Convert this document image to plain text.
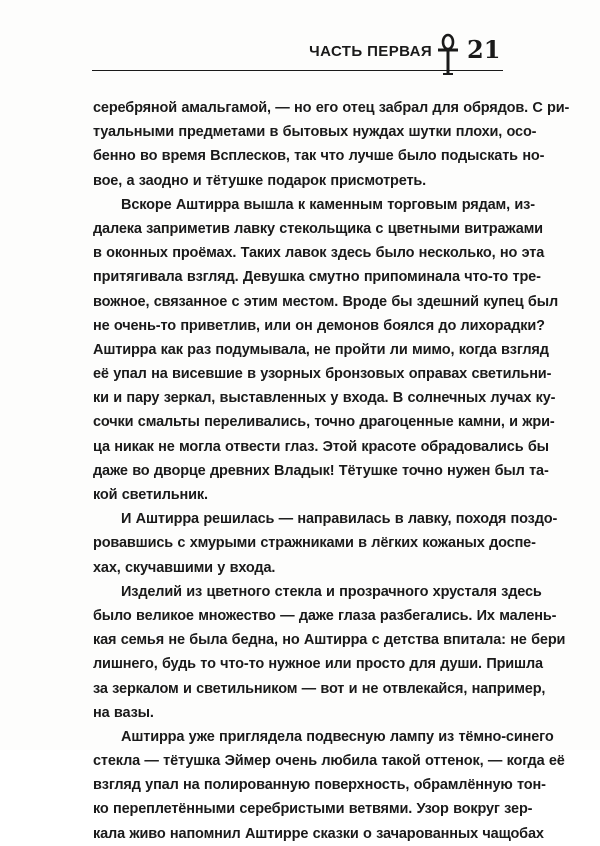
ЧАСТЬ ПЕРВАЯ 21
серебряной амальгамой, — но его отец забрал для обрядов. С ри-
туальными предметами в бытовых нуждах шутки плохи, осо-
бенно во время Всплесков, так что лучше было подыскать но-
вое, а заодно и тётушке подарок присмотреть.
Вскоре Аштирра вышла к каменным торговым рядам, из-
далека заприметив лавку стекольщика с цветными витражами
в оконных проёмах. Таких лавок здесь было несколько, но эта
притягивала взгляд. Девушка смутно припоминала что-то тре-
вожное, связанное с этим местом. Вроде бы здешний купец был
не очень-то приветлив, или он демонов боялся до лихорадки?
Аштирра как раз подумывала, не пройти ли мимо, когда взгляд
её упал на висевшие в узорных бронзовых оправах светильни-
ки и пару зеркал, выставленных у входа. В солнечных лучах ку-
сочки смальты переливались, точно драгоценные камни, и жри-
ца никак не могла отвести глаз. Этой красоте обрадовались бы
даже во дворце древних Владык! Тётушке точно нужен был та-
кой светильник.
И Аштирра решилась — направилась в лавку, походя поздо-
ровавшись с хмурыми стражниками в лёгких кожаных доспе-
хах, скучавшими у входа.
Изделий из цветного стекла и прозрачного хрусталя здесь
было великое множество — даже глаза разбегались. Их малень-
кая семья не была бедна, но Аштирра с детства впитала: не бери
лишнего, будь то что-то нужное или просто для души. Пришла
за зеркалом и светильником — вот и не отвлекайся, например,
на вазы.
Аштирра уже приглядела подвесную лампу из тёмно-синего
стекла — тётушка Эймер очень любила такой оттенок, — когда её
взгляд упал на полированную поверхность, обрамлённую тон-
ко переплетёнными серебристыми ветвями. Узор вокруг зер-
кала живо напомнил Аштирре сказки о зачарованных чащобах
